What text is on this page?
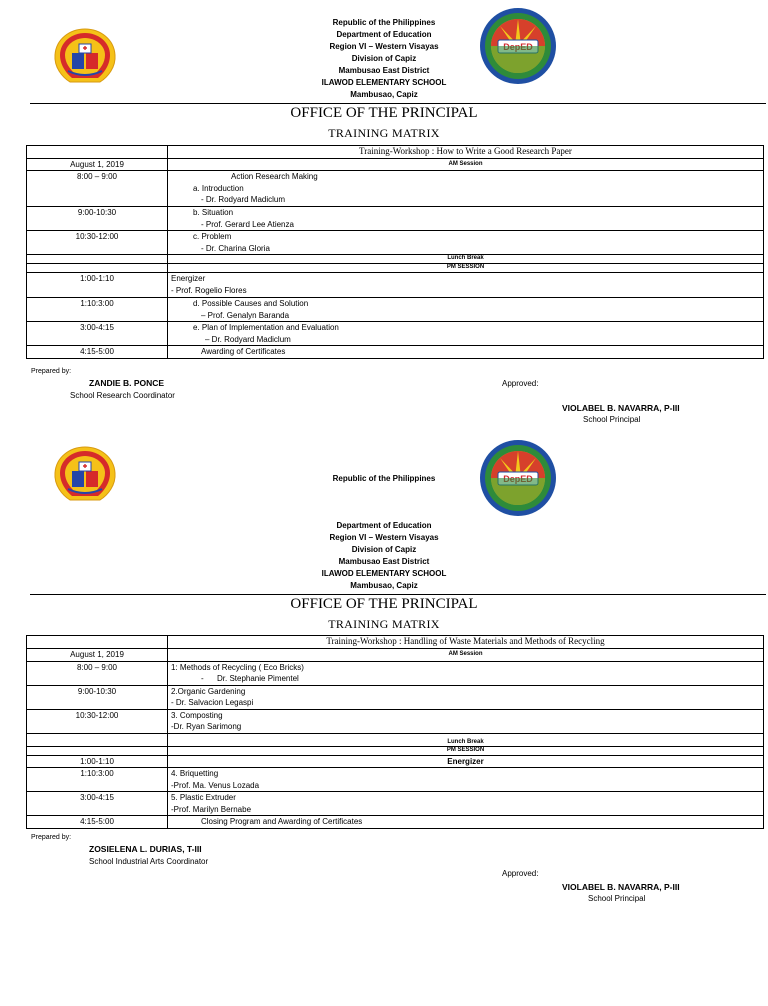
Republic of the Philippines
Department of Education
Region VI – Western Visayas
Division of Capiz
Mambusao East District
ILAWOD ELEMENTARY SCHOOL
Mambusao, Capiz
OFFICE OF THE PRINCIPAL
TRAINING MATRIX
	Training-Workshop : How to Write a Good Research Paper
August 1, 2019	AM Session
8:00 – 9:00	Action Research Making
a. Introduction
- Dr. Rodyard Madiclum

9:00-10:30	b. Situation
- Prof. Gerard Lee Atienza

10:30-12:00	c. Problem
- Dr. Charina Gloria

	Lunch Break
	PM SESSION
1:00-1:10	Energizer
- Prof. Rogelio Flores

1:10:3:00	d. Possible Causes and Solution
– Prof. Genalyn Baranda

3:00-4:15	e. Plan of Implementation and Evaluation
– Dr. Rodyard Madiclum

4:15-5:00	Awarding of Certificates
Prepared by:
ZANDIE B. PONCE
School Research Coordinator
Approved:
VIOLABEL B. NAVARRA, P-III
School Principal
Republic of the Philippines
Department of Education
Region VI – Western Visayas
Division of Capiz
Mambusao East District
ILAWOD ELEMENTARY SCHOOL
Mambusao, Capiz
OFFICE OF THE PRINCIPAL
TRAINING MATRIX
	Training-Workshop : Handling of Waste Materials and Methods of Recycling
August 1, 2019	AM Session
8:00 – 9:00	1: Methods of Recycling ( Eco Bricks)
-      Dr. Stephanie Pimentel

9:00-10:30	2.Organic Gardening
- Dr. Salvacion Legaspi

10:30-12:00	3. Composting
-Dr. Ryan Sarimong

	Lunch Break
	PM SESSION
1:00-1:10	Energizer
1:10:3:00	4. Briquetting
-Prof. Ma. Venus Lozada

3:00-4:15	5. Plastic Extruder
-Prof. Marilyn Bernabe

4:15-5:00	Closing Program and Awarding of Certificates
Prepared by:
ZOSIELENA L. DURIAS, T-III
School Industrial Arts Coordinator
Approved:
VIOLABEL B. NAVARRA, P-III
School Principal
